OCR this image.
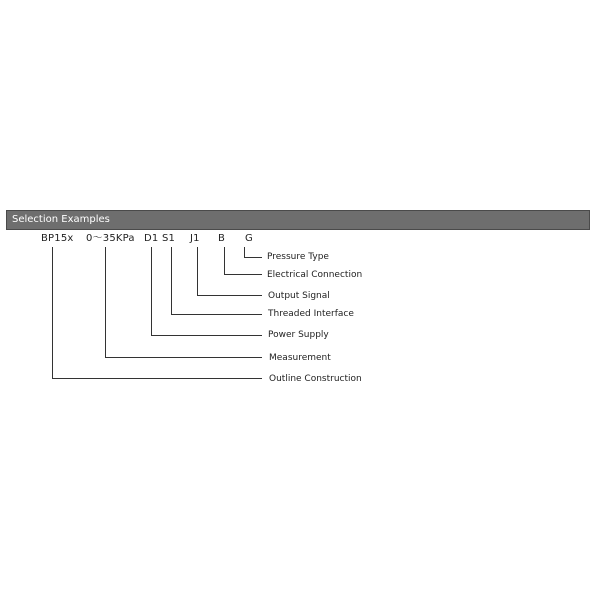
Selection Examples
BP15x 0～35KPa D1 S1 J1 B G
Pressure Type
Electrical Connection
Output Signal
Threaded Interface
Power Supply
Measurement
Outline Construction
